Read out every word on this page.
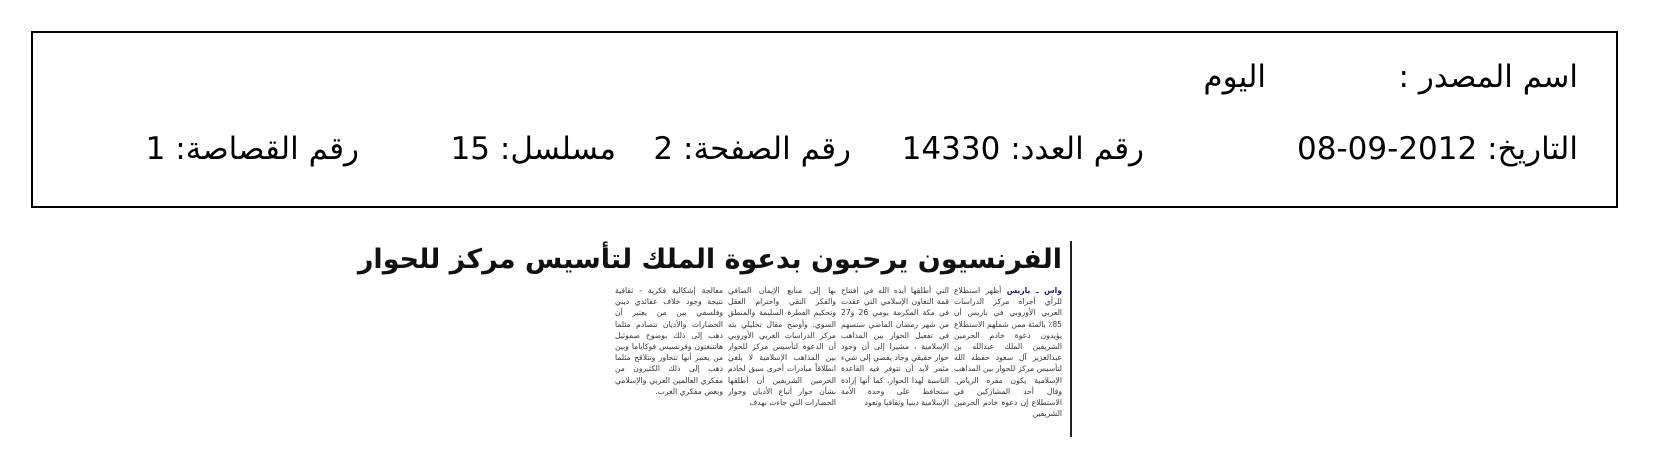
اسم المصدر :
اليوم
التاريخ: 2012-09-08
رقم العدد: 14330
رقم الصفحة: 2
مسلسل: 15
رقم القصاصة: 1
الفرنسيون يرحبون بدعوة الملك لتأسيس مركز للحوار
واس ـ باريس أظهر استطلاع للرأي أجراه مركز الدراسات العربي الأوروبي في باريس أن 85٪ بالمئة ممن شملهم الاستطلاع يؤيدون دعوة خادم الحرمين الشريفين الملك عبدالله بن عبدالعزيز آل سعود حفظه الله لتأسيس مركز للحوار بين المذاهب الإسلامية يكون مقره الرياض. وقال أحد المشاركين في الاستطلاع إن دعوة خادم الحرمين الشريفين
التي أطلقها أيده الله في افتتاح قمة التعاون الإسلامي التي عقدت في مكة المكرمة يومي 26 و27 من شهر رمضان الماضي ستسهم في تفعيل الحوار بين المذاهب الإسلامية ، مشيرا إلى أن وجود حوار حقيقي وجاد يفضي إلى شيء مثمر لابد أن تتوفر فيه القاعدة الناسبة لهذا الحوار، كما أنها إرادة ستحافظ على وحدة الأمة الإسلامية دينيا وثقافيا وتعود
بها إلى منابع الإيمان الصافي والفكر النقي واحترام العقل وتحكيم الفطرة السليمة والمنطق السوي. وأوضح مقال تحليلي بثه مركز الدراسات العربي الأوروبي أن الدعوة لتأسيس مركز للحوار بين المذاهب الإسلامية لا يلغي انطلاقاً مبادرات أخرى سبق لخادم الحرمين الشريفين أن أطلقها بشأن حوار أتباع الأديان وحوار الحضارات التي جاءت بهدف
معالجة إشكالية فكرية - ثقافية نتيجة وجود خلاف عقائدي ديني وفلسفي بين من يعتبر أن الحضارات والأديان تتصادم مثلما ذهب إلى ذلك بوضوح صموئيل هانتنغتون وفرنسيس فوكاياما وبين من يعتبر أنها تتحاور وتتلاقح مثلما ذهب إلى ذلك الكثيرون من مفكري العالمين العربي والإسلامي وبعض مفكري الغرب.
